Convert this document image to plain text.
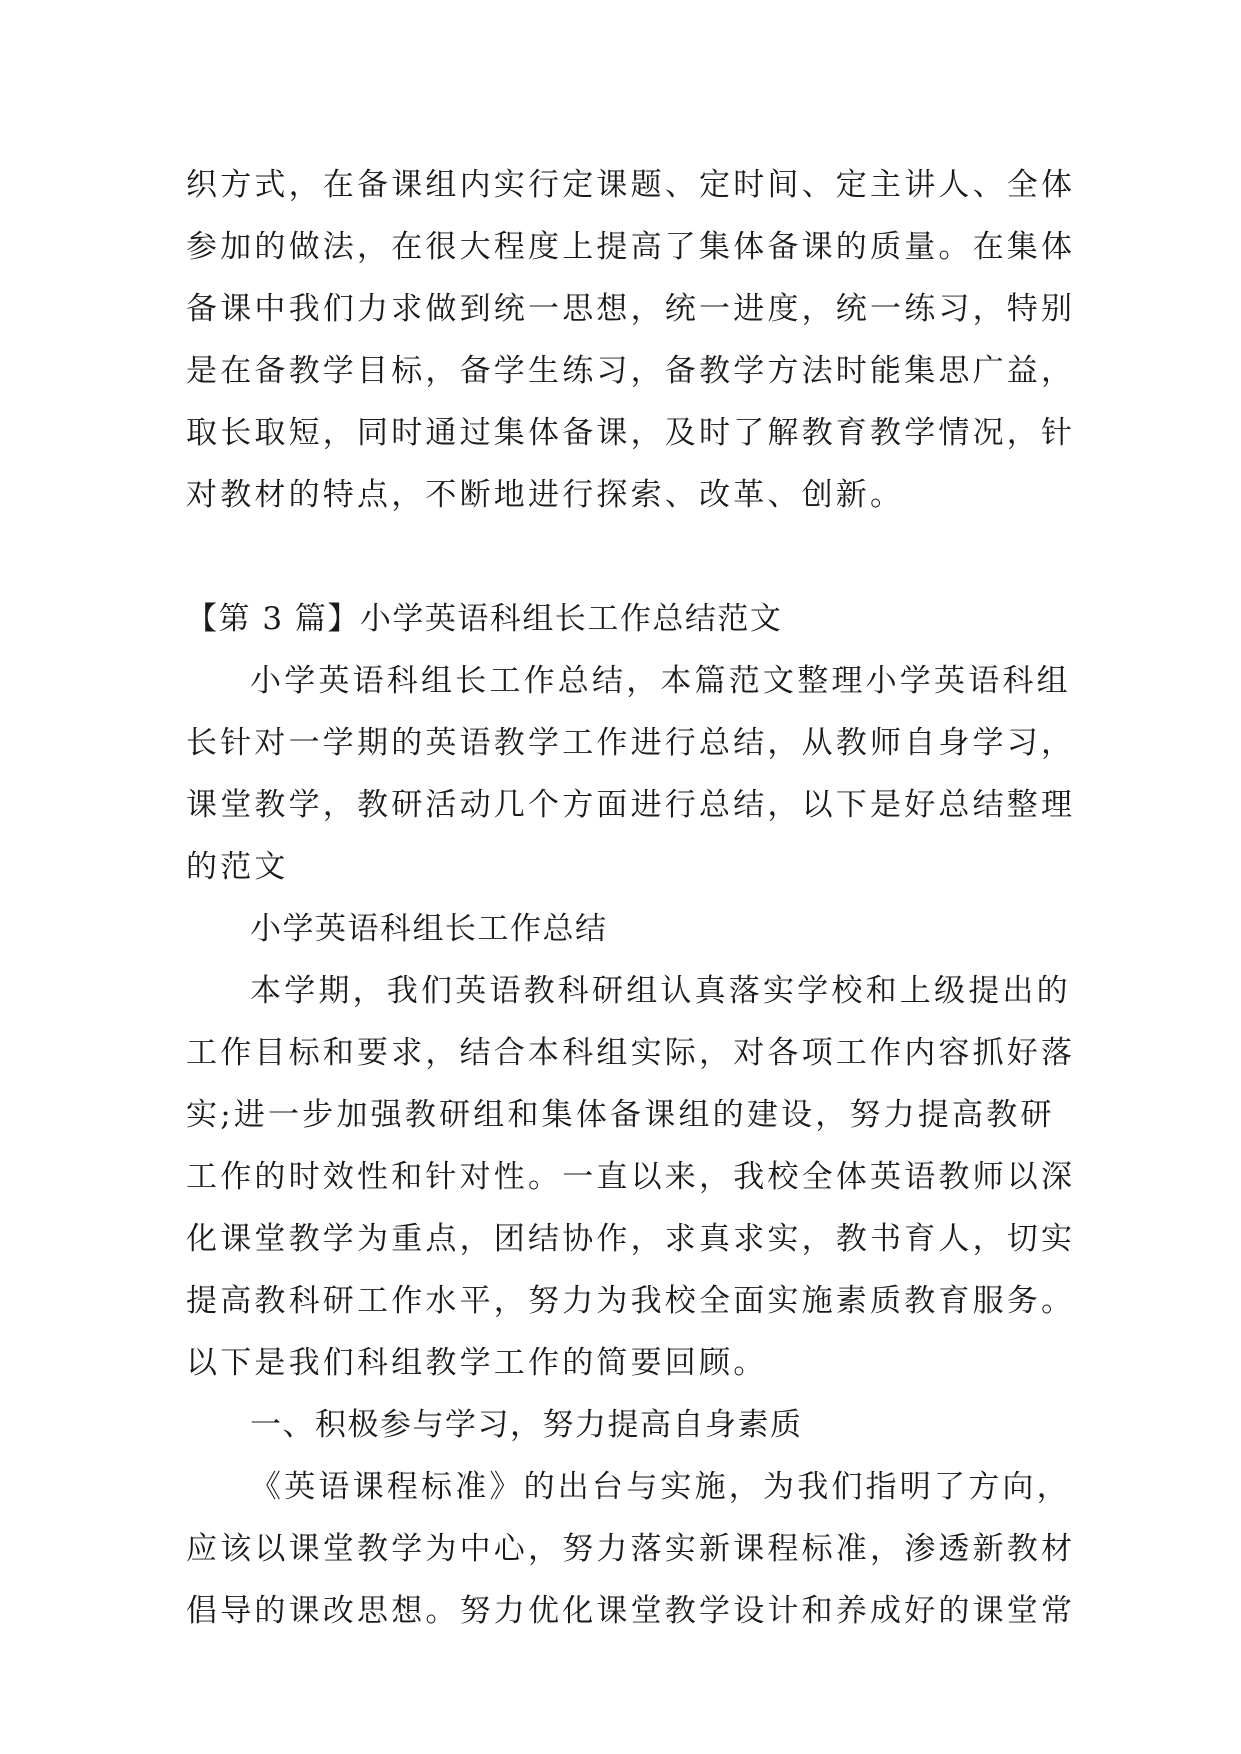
织方式，在备课组内实行定课题、定时间、定主讲人、全体
参加的做法，在很大程度上提高了集体备课的质量。在集体
备课中我们力求做到统一思想，统一进度，统一练习，特别
是在备教学目标，备学生练习，备教学方法时能集思广益，
取长取短，同时通过集体备课，及时了解教育教学情况，针
对教材的特点，不断地进行探索、改革、创新。
【第 3 篇】小学英语科组长工作总结范文
小学英语科组长工作总结，本篇范文整理小学英语科组
长针对一学期的英语教学工作进行总结，从教师自身学习，
课堂教学，教研活动几个方面进行总结，以下是好总结整理
的范文
小学英语科组长工作总结
本学期，我们英语教科研组认真落实学校和上级提出的
工作目标和要求，结合本科组实际，对各项工作内容抓好落
实;进一步加强教研组和集体备课组的建设，努力提高教研
工作的时效性和针对性。一直以来，我校全体英语教师以深
化课堂教学为重点，团结协作，求真求实，教书育人，切实
提高教科研工作水平，努力为我校全面实施素质教育服务。
以下是我们科组教学工作的简要回顾。
一、积极参与学习，努力提高自身素质
《英语课程标准》的出台与实施，为我们指明了方向，
应该以课堂教学为中心，努力落实新课程标准，渗透新教材
倡导的课改思想。努力优化课堂教学设计和养成好的课堂常
